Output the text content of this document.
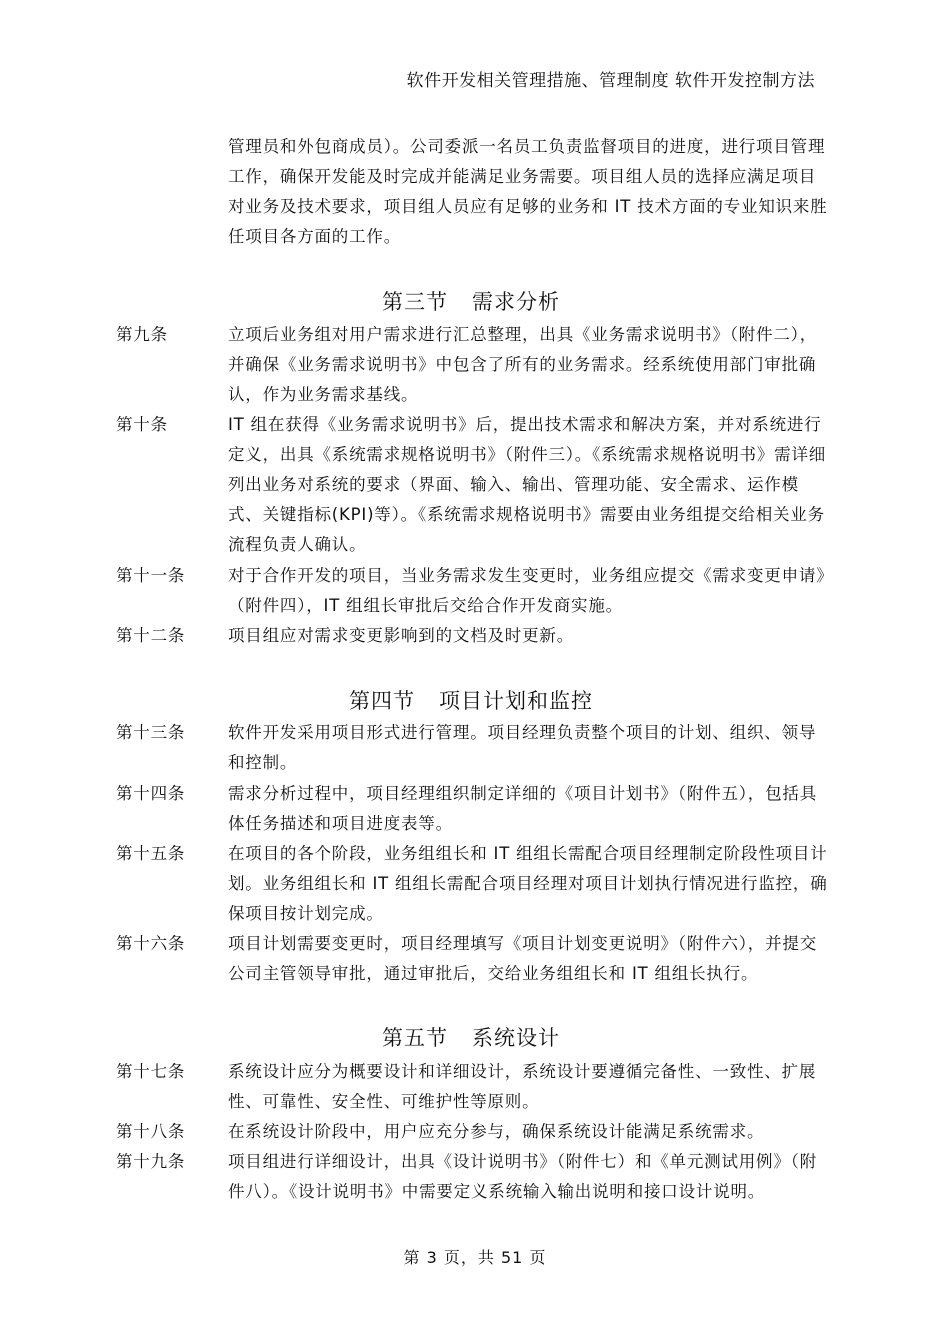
软件开发相关管理措施、管理制度 软件开发控制方法
管理员和外包商成员）。公司委派一名员工负责监督项目的进度，进行项目管理工作，确保开发能及时完成并能满足业务需要。项目组人员的选择应满足项目对业务及技术要求，项目组人员应有足够的业务和 IT 技术方面的专业知识来胜任项目各方面的工作。
第三节 需求分析
第九条	立项后业务组对用户需求进行汇总整理，出具《业务需求说明书》（附件二），并确保《业务需求说明书》中包含了所有的业务需求。经系统使用部门审批确认，作为业务需求基线。
第十条	IT 组在获得《业务需求说明书》后，提出技术需求和解决方案，并对系统进行定义，出具《系统需求规格说明书》（附件三）。《系统需求规格说明书》需详细列出业务对系统的要求（界面、输入、输出、管理功能、安全需求、运作模式、关键指标(KPI)等）。《系统需求规格说明书》需要由业务组提交给相关业务流程负责人确认。
第十一条	对于合作开发的项目，当业务需求发生变更时，业务组应提交《需求变更申请》（附件四），IT 组组长审批后交给合作开发商实施。
第十二条	项目组应对需求变更影响到的文档及时更新。
第四节 项目计划和监控
第十三条	软件开发采用项目形式进行管理。项目经理负责整个项目的计划、组织、领导和控制。
第十四条	需求分析过程中，项目经理组织制定详细的《项目计划书》（附件五），包括具体任务描述和项目进度表等。
第十五条	在项目的各个阶段，业务组组长和 IT 组组长需配合项目经理制定阶段性项目计划。业务组组长和 IT 组组长需配合项目经理对项目计划执行情况进行监控，确保项目按计划完成。
第十六条	项目计划需要变更时，项目经理填写《项目计划变更说明》（附件六），并提交公司主管领导审批，通过审批后，交给业务组组长和 IT 组组长执行。
第五节 系统设计
第十七条	系统设计应分为概要设计和详细设计，系统设计要遵循完备性、一致性、扩展性、可靠性、安全性、可维护性等原则。
第十八条	在系统设计阶段中，用户应充分参与，确保系统设计能满足系统需求。
第十九条	项目组进行详细设计，出具《设计说明书》（附件七）和《单元测试用例》（附件八）。《设计说明书》中需要定义系统输入输出说明和接口设计说明。
第 3 页，共 51 页
